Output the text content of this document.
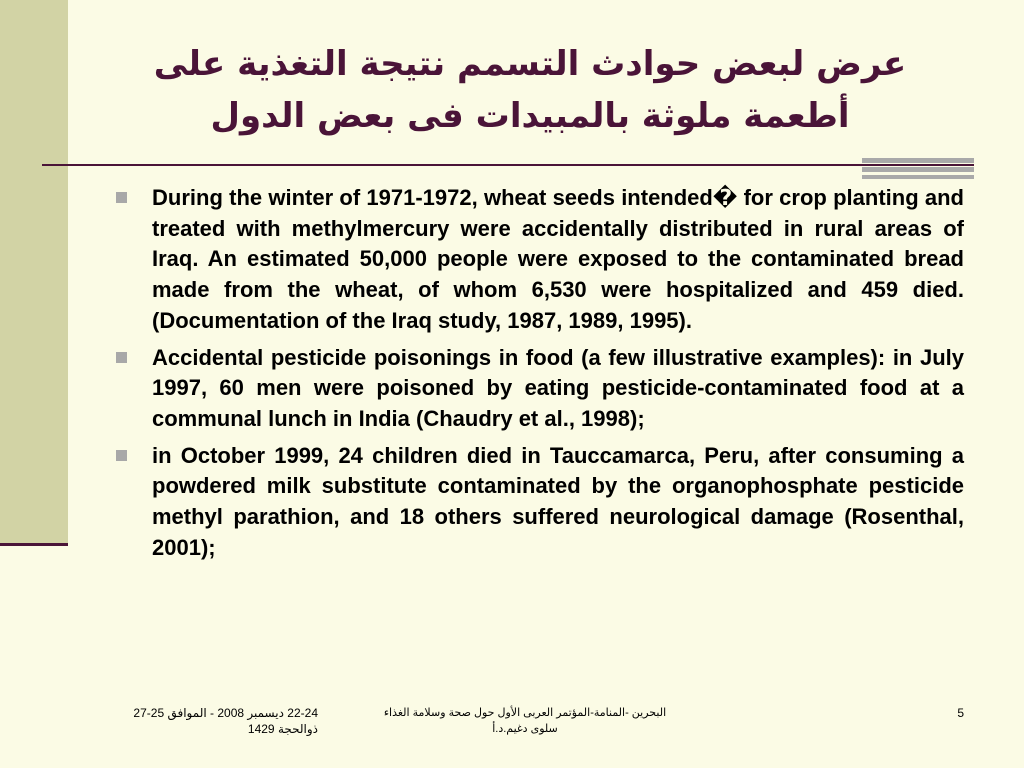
عرض لبعض حوادث التسمم نتيجة التغذية على
أطعمة ملوثة بالمبيدات فى بعض الدول
During the winter of 1971-1972, wheat seeds intended� for crop planting and treated with methylmercury were accidentally distributed in rural areas of Iraq. An estimated 50,000 people were exposed to the contaminated bread made from the wheat, of whom 6,530 were hospitalized and 459 died. (Documentation of the Iraq study, 1987, 1989, 1995).
Accidental pesticide poisonings in food (a few illustrative examples): in July 1997, 60 men were poisoned by eating pesticide-contaminated food at a communal lunch in India (Chaudry et al., 1998);
in October 1999, 24 children died in Tauccamarca, Peru, after consuming a powdered milk substitute contaminated by the organophosphate pesticide methyl parathion, and 18 others suffered neurological damage (Rosenthal, 2001);
22-24 ديسمبر 2008 - الموافق 25-27
ذوالحجة 1429
البحرين -المنامة-المؤتمر العربى الأول حول صحة وسلامة الغذاء
سلوى دغيم.د.أ
5
